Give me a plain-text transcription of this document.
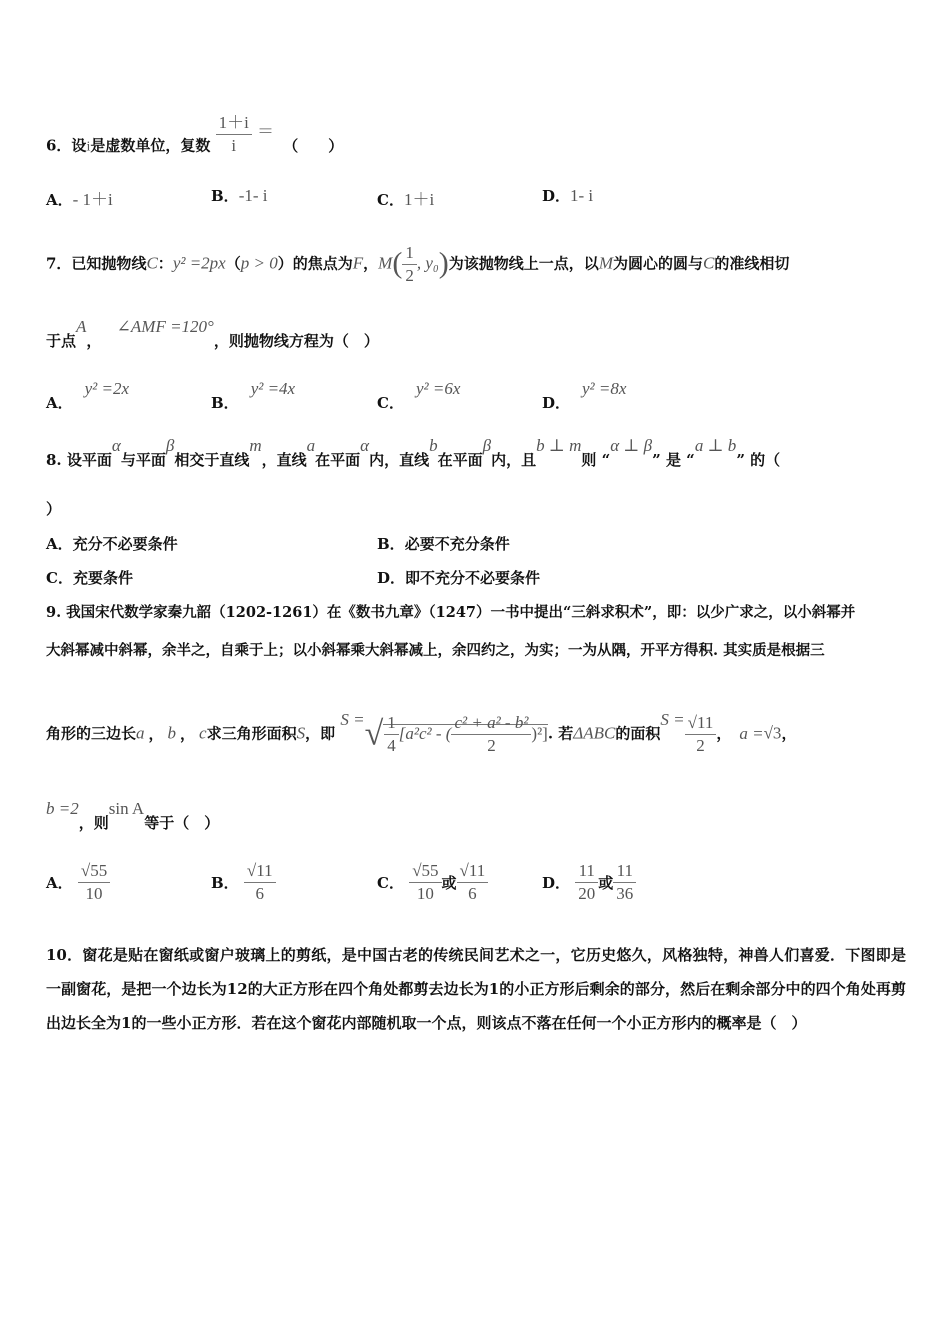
6．设i是虚数单位，复数 $\frac{1+i}{i}$ ＝ （　　）
A．- 1＋i	B．-1- i	C．1＋i	D．1- i
7．已知抛物线C：y² =2px（p > 0）的焦点为F，$M( \frac{1}{2}$ , y₀)为该抛物线上一点，以M为圆心的圆与C的准线相切
于点A， ∠AMF =120°，则抛物线方程为（　）
A．y² =2x
B．y² =4x
C．y² =6x
D．y² =8x
8. 设平面α与平面β相交于直线m，直线a在平面α内，直线b在平面β内，且b ⊥ m则 “α ⊥ β” 是 “a ⊥ b” 的（
）
A．充分不必要条件	B．必要不充分条件
C．充要条件	D．即不充分不必要条件
9. 我国宋代数学家秦九韶（1202-1261）在《数书九章》（1247）一书中提出“三斜求积术”，即：以少广求之，以小斜幂并
大斜幂减中斜幂，余半之，自乘于上；以小斜幂乘大斜幂减上，余四约之，为实；一为从隅，开平方得积. 其实质是根据三
角形的三边长a ， b ， c求三角形面积S，即 S =√ $\frac{1}{4} [a^2c^2$ - ( $\frac{\text{c² + a² - b²}}{2} )^2$]. 若ΔABC的面积$S = \frac{√11}{2}$ ， a =√3，
b =2，则sin A等于（　）
A． $\frac{√55}{10}$	B． $\frac{√11}{6}$	C． $\frac{√55}{10}$ 或 $\frac{√11}{6}$	D． $\frac{11}{20}$ 或 $\frac{11}{36}$
10．窗花是贴在窗纸或窗户玻璃上的剪纸，是中国古老的传统民间艺术之一，它历史悠久，风格独特，神兽人们喜爱．下图即是一副窗花，是把一个边长为12的大正方形在四个角处都剪去边长为1的小正方形后剩余的部分，然后在剩余部分中的四个角处再剪出边长全为1的一些小正方形．若在这个窗花内部随机取一个点，则该点不落在任何一个小正方形内的概率是（　）
